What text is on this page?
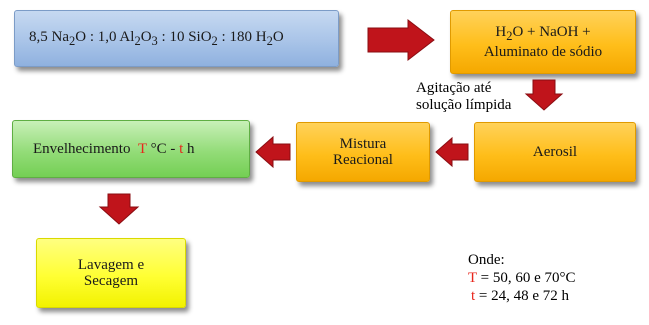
8,5 $Na_2O$ : 1,0 $Al_2O_3$ : 10 SiO$_2$ : 180 $H_2O$	$H_2O$ + NaOH +
Aluminato de sódio
Agitação até
solução límpida
Aerosil
Mistura
Reacional
Envelhecimento T °C - t h
Lavagem e
Secagem
Onde:
T = 50, 60 e 70°C
t = 24, 48 e 72 h
